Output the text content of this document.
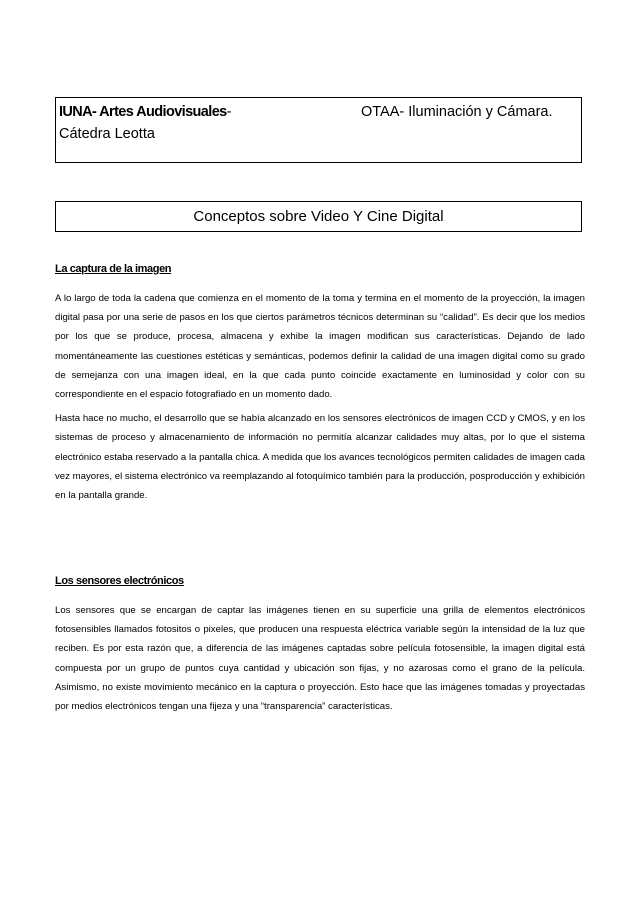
IUNA- Artes Audiovisuales-	OTAA- Iluminación y Cámara.
Cátedra Leotta
Conceptos sobre Video Y Cine Digital

La captura de la imagen

A lo largo de toda la cadena que comienza en el momento de la toma y termina en el momento de la proyección, la imagen digital pasa por una serie de pasos en los que ciertos parámetros técnicos determinan su “calidad”. Es decir que los medios por los que se produce, procesa, almacena y exhibe la imagen modifican sus características. Dejando de lado momentáneamente las cuestiones estéticas y semánticas, podemos definir la calidad de una imagen digital como su grado de semejanza con una imagen ideal, en la que cada punto coincide exactamente en luminosidad y color con su correspondiente en el espacio fotografiado en un momento dado.

Hasta hace no mucho, el desarrollo que se había alcanzado en los sensores electrónicos de imagen CCD y CMOS, y en los sistemas de proceso y almacenamiento de información no permitía alcanzar calidades muy altas, por lo que el sistema electrónico estaba reservado a la pantalla chica. A medida que los avances tecnológicos permiten calidades de imagen cada vez mayores, el sistema electrónico va reemplazando al fotoquímico también para la producción, posproducción y exhibición en la pantalla grande.

Los sensores electrónicos

Los sensores que se encargan de captar las imágenes tienen en su superficie una grilla de elementos electrónicos fotosensibles llamados fotositos o pixeles, que producen una respuesta eléctrica variable según la intensidad de la luz que reciben. Es por esta razón que, a diferencia de las imágenes captadas sobre película fotosensible, la imagen digital está compuesta por un grupo de puntos cuya cantidad y ubicación son fijas, y no azarosas como el grano de la película. Asimismo, no existe movimiento mecánico en la captura o proyección. Esto hace que las imágenes tomadas y proyectadas por medios electrónicos tengan una fijeza y una “transparencia” características.
